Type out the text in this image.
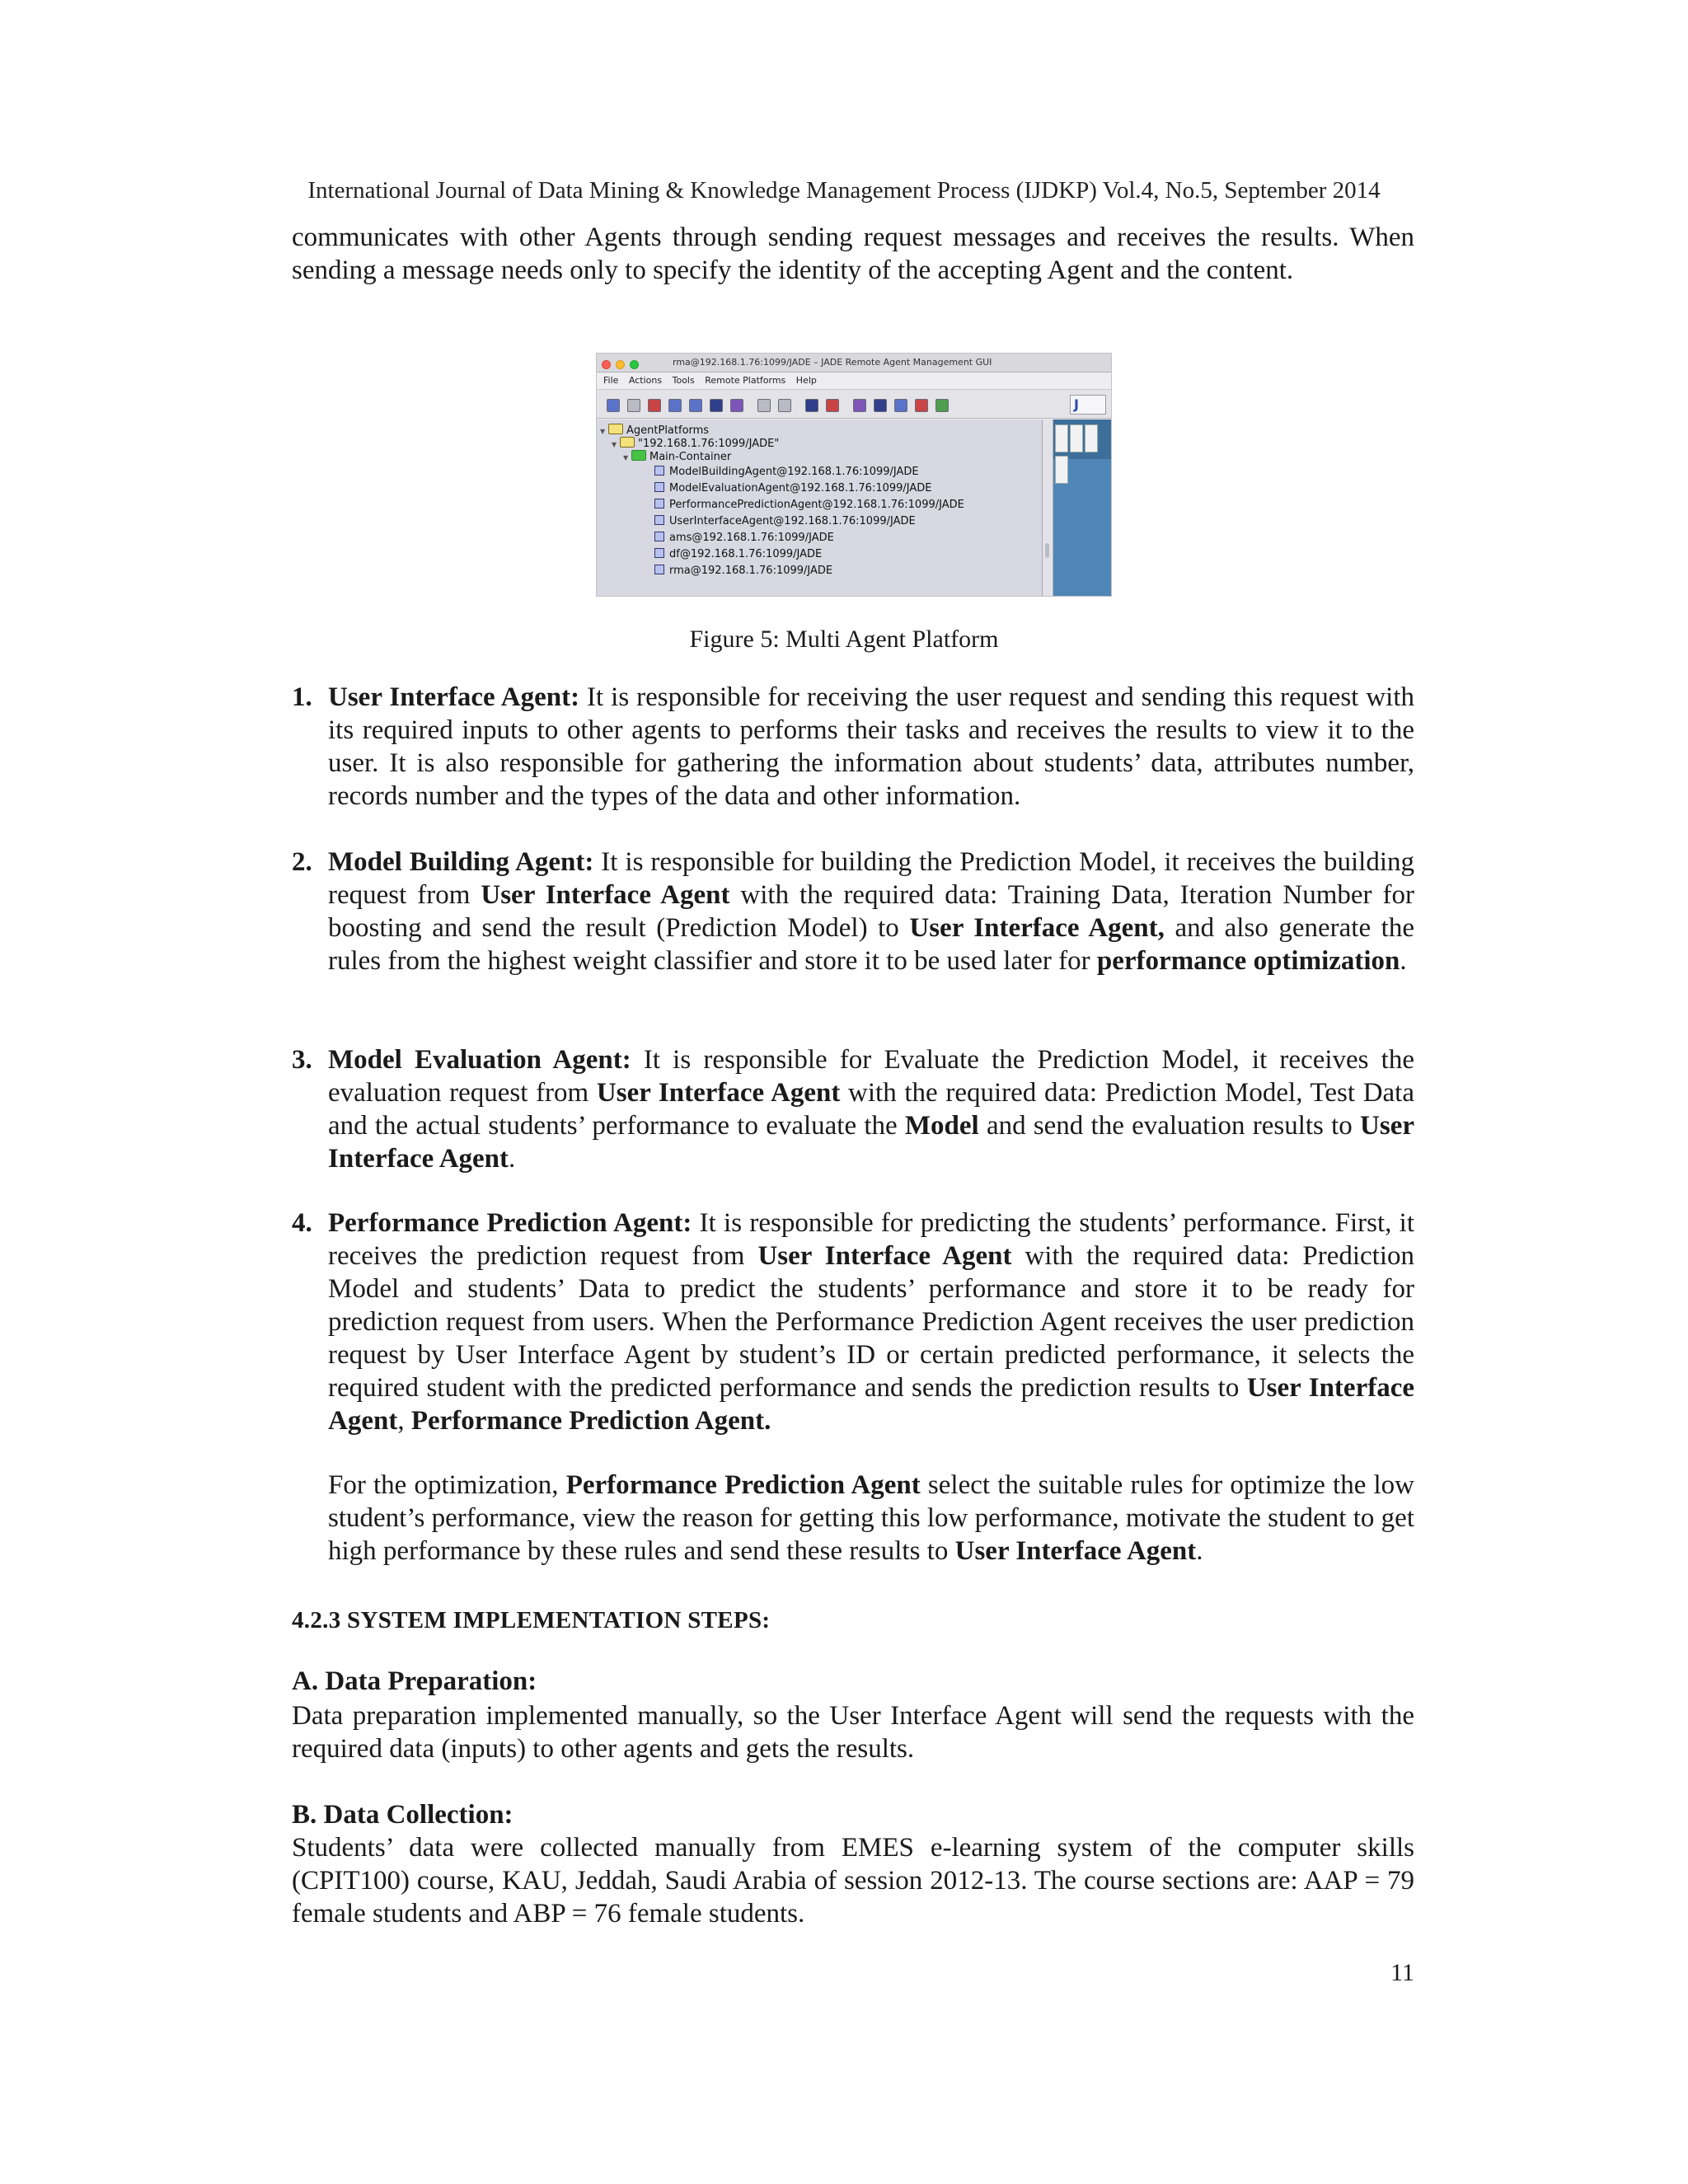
International Journal of Data Mining & Knowledge Management Process (IJDKP) Vol.4, No.5, September 2014
communicates with other Agents through sending request messages and receives the results. When sending a message needs only to specify the identity of the accepting Agent and the content.
rma@192.168.1.76:1099/JADE – JADE Remote Agent Management GUI
File Actions Tools Remote Platforms Help
J
▼ AgentPlatforms
▼ "192.168.1.76:1099/JADE"
▼ Main-Container
ModelBuildingAgent@192.168.1.76:1099/JADE
ModelEvaluationAgent@192.168.1.76:1099/JADE
PerformancePredictionAgent@192.168.1.76:1099/JADE
UserInterfaceAgent@192.168.1.76:1099/JADE
ams@192.168.1.76:1099/JADE
df@192.168.1.76:1099/JADE
rma@192.168.1.76:1099/JADE
Figure 5: Multi Agent Platform
1. User Interface Agent: It is responsible for receiving the user request and sending this request with its required inputs to other agents to performs their tasks and receives the results to view it to the user. It is also responsible for gathering the information about students’ data, attributes number, records number and the types of the data and other information.
2. Model Building Agent: It is responsible for building the Prediction Model, it receives the building request from User Interface Agent with the required data: Training Data, Iteration Number for boosting and send the result (Prediction Model) to User Interface Agent, and also generate the rules from the highest weight classifier and store it to be used later for performance optimization.
3. Model Evaluation Agent: It is responsible for Evaluate the Prediction Model, it receives the evaluation request from User Interface Agent with the required data: Prediction Model, Test Data and the actual students’ performance to evaluate the Model and send the evaluation results to User Interface Agent.
4. Performance Prediction Agent: It is responsible for predicting the students’ performance. First, it receives the prediction request from User Interface Agent with the required data: Prediction Model and students’ Data to predict the students’ performance and store it to be ready for prediction request from users. When the Performance Prediction Agent receives the user prediction request by User Interface Agent by student’s ID or certain predicted performance, it selects the required student with the predicted performance and sends the prediction results to User Interface Agent, Performance Prediction Agent.
For the optimization, Performance Prediction Agent select the suitable rules for optimize the low student’s performance, view the reason for getting this low performance, motivate the student to get high performance by these rules and send these results to User Interface Agent.
4.2.3 SYSTEM IMPLEMENTATION STEPS:
A. Data Preparation:
Data preparation implemented manually, so the User Interface Agent will send the requests with the required data (inputs) to other agents and gets the results.
B. Data Collection:
Students’ data were collected manually from EMES e-learning system of the computer skills (CPIT100) course, KAU, Jeddah, Saudi Arabia of session 2012-13. The course sections are: AAP = 79 female students and ABP = 76 female students.
11
